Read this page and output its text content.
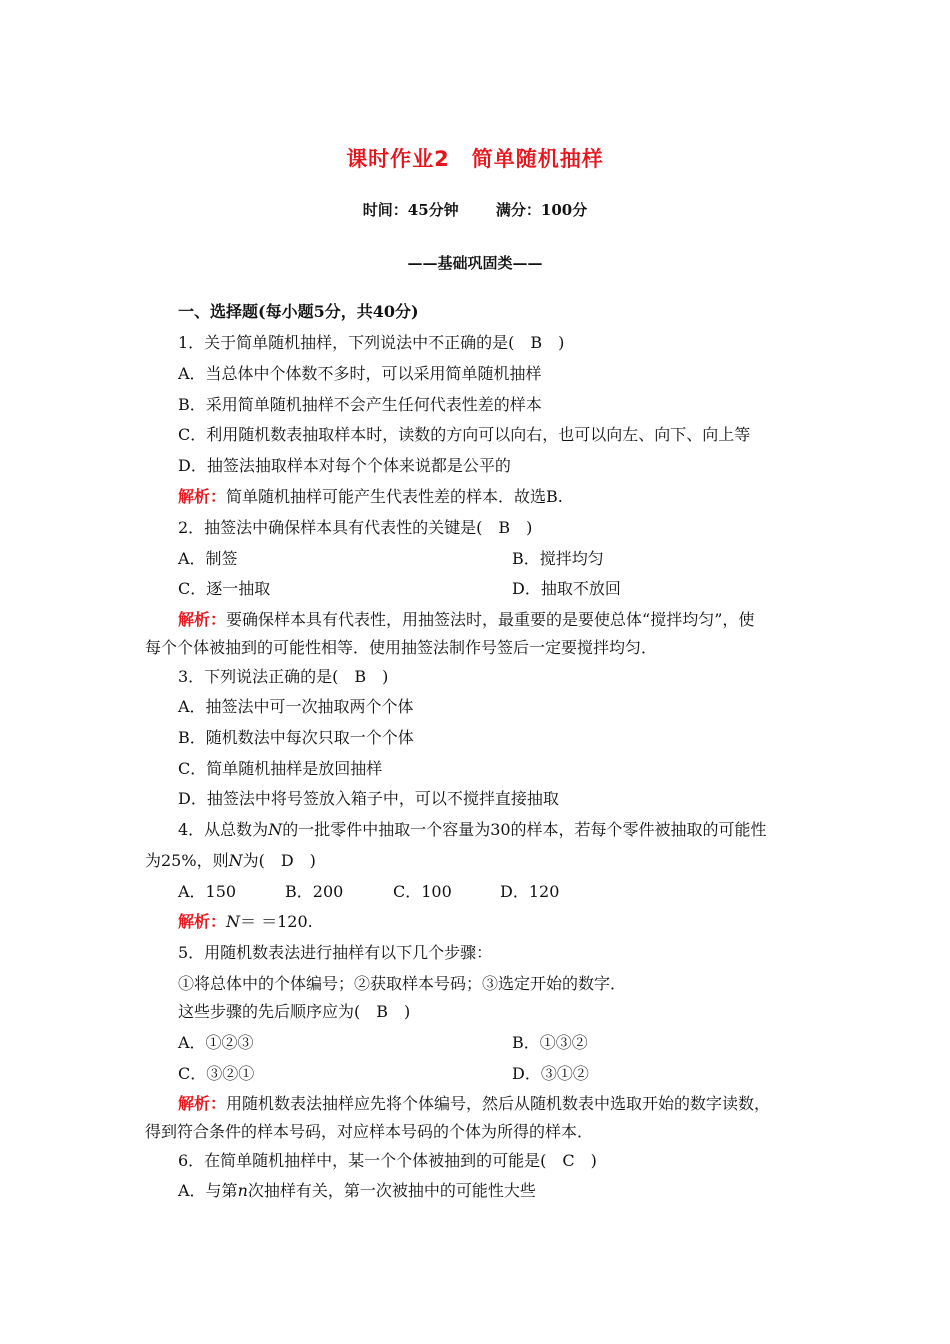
课时作业2　简单随机抽样
时间：45分钟 满分：100分
——基础巩固类——
一、选择题(每小题5分，共40分)
1．关于简单随机抽样，下列说法中不正确的是(　B　)
A．当总体中个体数不多时，可以采用简单随机抽样
B．采用简单随机抽样不会产生任何代表性差的样本
C．利用随机数表抽取样本时，读数的方向可以向右，也可以向左、向下、向上等
D．抽签法抽取样本对每个个体来说都是公平的
解析：简单随机抽样可能产生代表性差的样本．故选B.
2．抽签法中确保样本具有代表性的关键是(　B　)
A．制签	B．搅拌均匀
C．逐一抽取	D．抽取不放回
解析：要确保样本具有代表性，用抽签法时，最重要的是要使总体“搅拌均匀”，使
每个个体被抽到的可能性相等．使用抽签法制作号签后一定要搅拌均匀．
3．下列说法正确的是(　B　)
A．抽签法中可一次抽取两个个体
B．随机数法中每次只取一个个体
C．简单随机抽样是放回抽样
D．抽签法中将号签放入箱子中，可以不搅拌直接抽取
4．从总数为N的一批零件中抽取一个容量为30的样本，若每个零件被抽取的可能性
为25%，则N为(　D　)
A．150	B．200	C．100	D．120
解析：N＝ ＝120.
5．用随机数表法进行抽样有以下几个步骤：
①将总体中的个体编号；②获取样本号码；③选定开始的数字．
这些步骤的先后顺序应为(　B　)
A．①②③	B．①③②
C．③②①	D．③①②
解析：用随机数表法抽样应先将个体编号，然后从随机数表中选取开始的数字读数，
得到符合条件的样本号码，对应样本号码的个体为所得的样本．
6．在简单随机抽样中，某一个个体被抽到的可能是(　C　)
A．与第n次抽样有关，第一次被抽中的可能性大些
